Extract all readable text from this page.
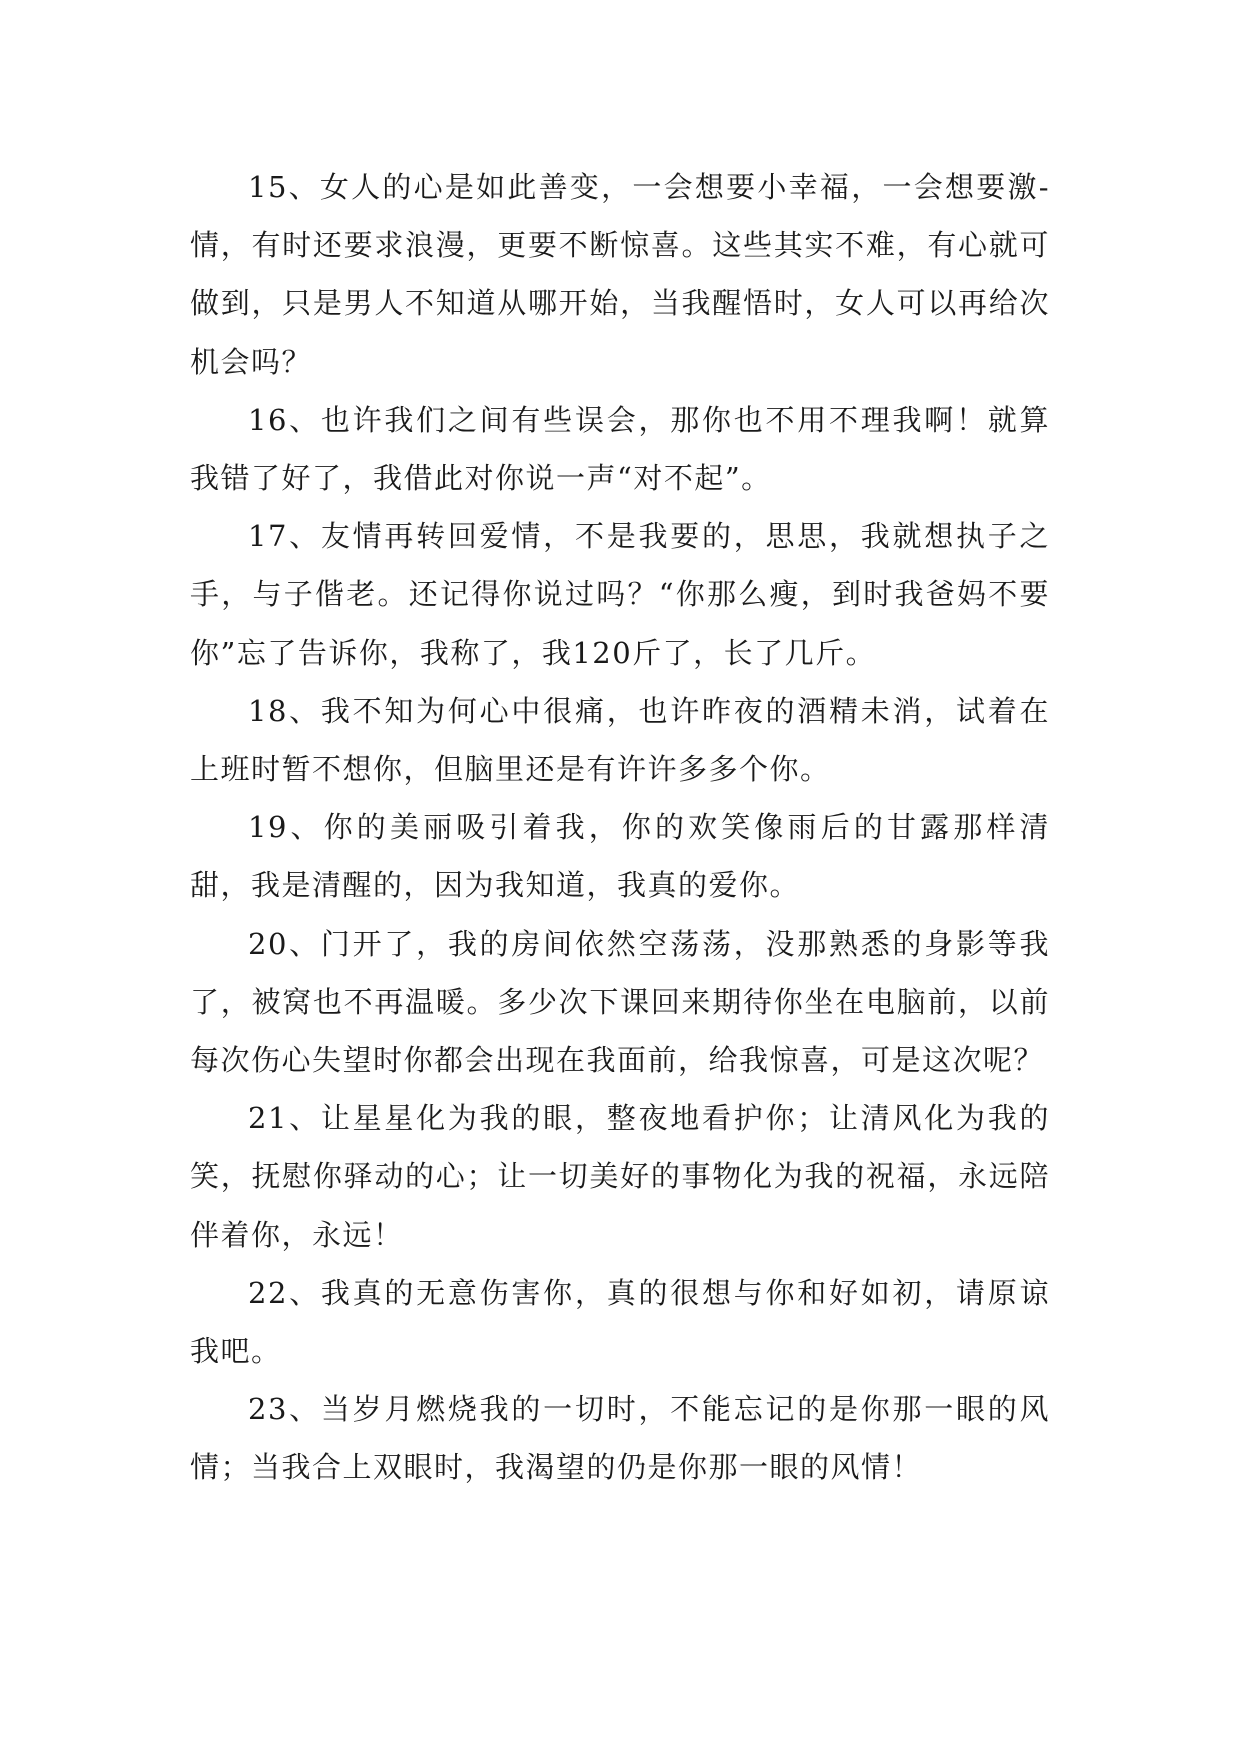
15、女人的心是如此善变，一会想要小幸福，一会想要激-情，有时还要求浪漫，更要不断惊喜。这些其实不难，有心就可做到，只是男人不知道从哪开始，当我醒悟时，女人可以再给次机会吗？

16、也许我们之间有些误会，那你也不用不理我啊！就算我错了好了，我借此对你说一声“对不起”。

17、友情再转回爱情，不是我要的，思思，我就想执子之手，与子偕老。还记得你说过吗？“你那么瘦，到时我爸妈不要你”忘了告诉你，我称了，我120斤了，长了几斤。

18、我不知为何心中很痛，也许昨夜的酒精未消，试着在上班时暂不想你，但脑里还是有许许多多个你。

19、你的美丽吸引着我，你的欢笑像雨后的甘露那样清甜，我是清醒的，因为我知道，我真的爱你。

20、门开了，我的房间依然空荡荡，没那熟悉的身影等我了，被窝也不再温暖。多少次下课回来期待你坐在电脑前，以前每次伤心失望时你都会出现在我面前，给我惊喜，可是这次呢？

21、让星星化为我的眼，整夜地看护你；让清风化为我的笑，抚慰你驿动的心；让一切美好的事物化为我的祝福，永远陪伴着你，永远！

22、我真的无意伤害你，真的很想与你和好如初，请原谅我吧。

23、当岁月燃烧我的一切时，不能忘记的是你那一眼的风情；当我合上双眼时，我渴望的仍是你那一眼的风情！
